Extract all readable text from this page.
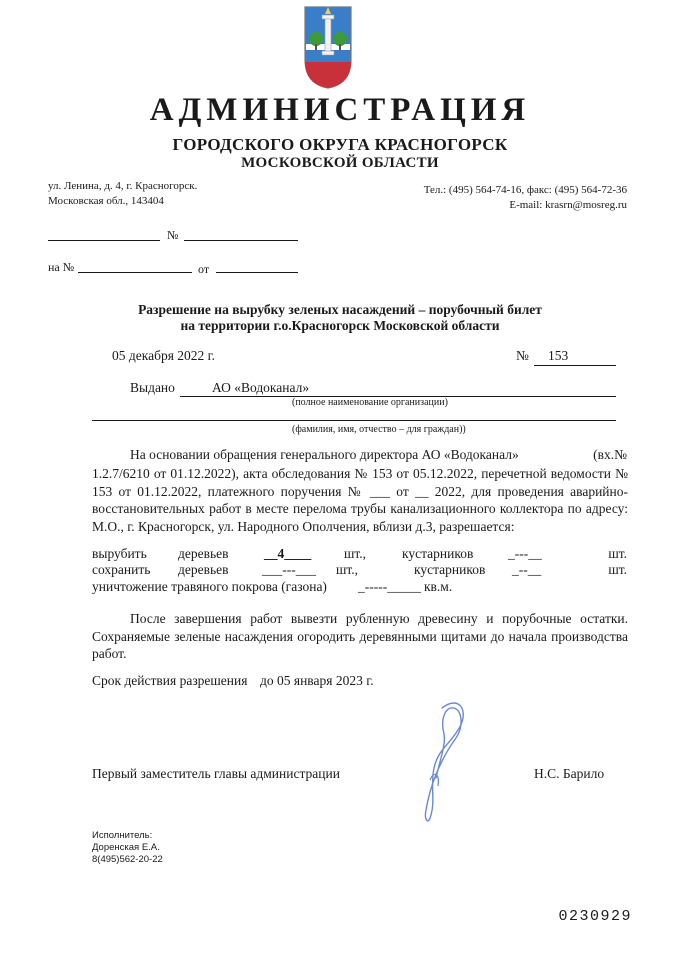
АДМИНИСТРАЦИЯ
ГОРОДСКОГО ОКРУГА КРАСНОГОРСК
МОСКОВСКОЙ ОБЛАСТИ
ул. Ленина, д. 4, г. Красногорск.
Московская обл., 143404
Тел.: (495) 564-74-16, факс: (495) 564-72-36
E-mail: krasrn@mosreg.ru
№
на №	от
Разрешение на вырубку зеленых насаждений – порубочный билет
на территории г.о.Красногорск Московской области
05 декабря 2022 г.	№	153
Выдано	АО «Водоканал»
(полное наименование организации)
(фамилия, имя, отчество – для граждан))
На основании обращения генерального директора АО «Водоканал»	(вх.№
1.2.7/6210 от 01.12.2022), акта обследования № 153 от 05.12.2022, перечетной ведомости № 153 от 01.12.2022, платежного поручения № ___ от __ 2022, для проведения аварийно-восстановительных работ в месте перелома трубы канализационного коллектора по адресу: М.О., г. Красногорск, ул. Народного Ополчения, вблизи д.3, разрешается:
вырубить деревьев	__4____ шт.,	кустарников	_---__	шт.
сохранить деревьев ___---___ шт.,	кустарников _--__	шт.
уничтожение травяного покрова (газона) _-----_____ кв.м.
После завершения работ вывезти рубленную древесину и порубочные остатки. Сохраняемые зеленые насаждения огородить деревянными щитами до начала производства работ.
Срок действия разрешения до 05 января 2023 г.
Первый заместитель главы администрации	Н.С. Барило
Исполнитель:
Доренская Е.А.
8(495)562-20-22
0230929
